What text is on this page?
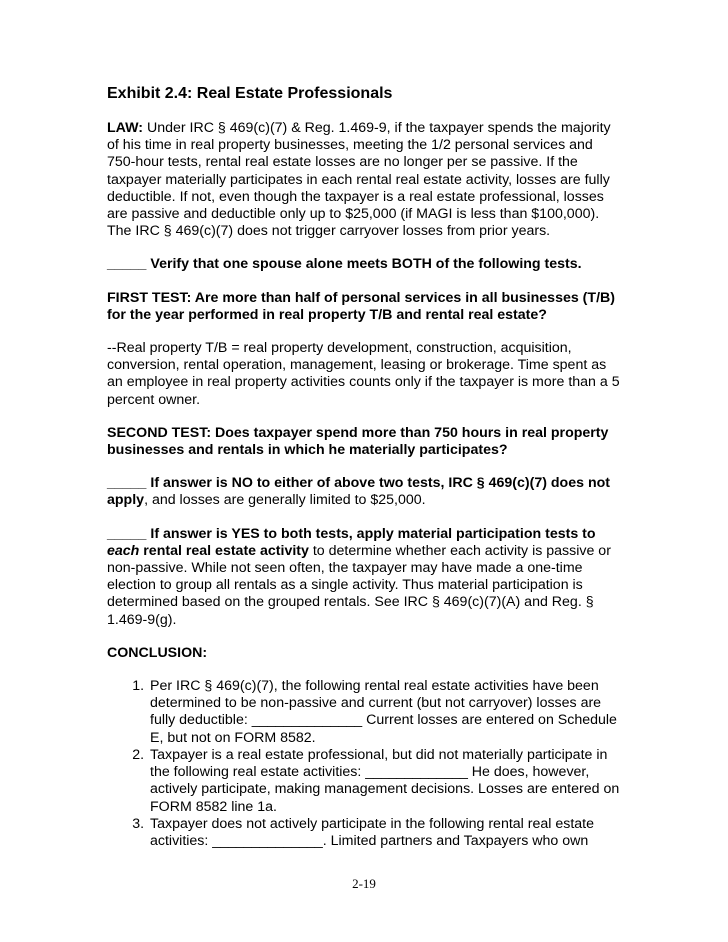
Exhibit 2.4: Real Estate Professionals

LAW: Under IRC § 469(c)(7) & Reg. 1.469-9, if the taxpayer spends the majority of his time in real property businesses, meeting the 1/2 personal services and 750-hour tests, rental real estate losses are no longer per se passive. If the taxpayer materially participates in each rental real estate activity, losses are fully deductible. If not, even though the taxpayer is a real estate professional, losses are passive and deductible only up to $25,000 (if MAGI is less than $100,000). The IRC § 469(c)(7) does not trigger carryover losses from prior years.

_____ Verify that one spouse alone meets BOTH of the following tests.

FIRST TEST: Are more than half of personal services in all businesses (T/B) for the year performed in real property T/B and rental real estate?

--Real property T/B = real property development, construction, acquisition, conversion, rental operation, management, leasing or brokerage. Time spent as an employee in real property activities counts only if the taxpayer is more than a 5 percent owner.

SECOND TEST: Does taxpayer spend more than 750 hours in real property businesses and rentals in which he materially participates?

_____ If answer is NO to either of above two tests, IRC § 469(c)(7) does not apply, and losses are generally limited to $25,000.

_____ If answer is YES to both tests, apply material participation tests to each rental real estate activity to determine whether each activity is passive or non-passive. While not seen often, the taxpayer may have made a one-time election to group all rentals as a single activity. Thus material participation is determined based on the grouped rentals. See IRC § 469(c)(7)(A) and Reg. § 1.469-9(g).

CONCLUSION:

1. Per IRC § 469(c)(7), the following rental real estate activities have been determined to be non-passive and current (but not carryover) losses are fully deductible: ______________ Current losses are entered on Schedule E, but not on FORM 8582.
2. Taxpayer is a real estate professional, but did not materially participate in the following real estate activities: _____________ He does, however, actively participate, making management decisions. Losses are entered on FORM 8582 line 1a.
3. Taxpayer does not actively participate in the following rental real estate activities: ______________. Limited partners and Taxpayers who own
2-19
